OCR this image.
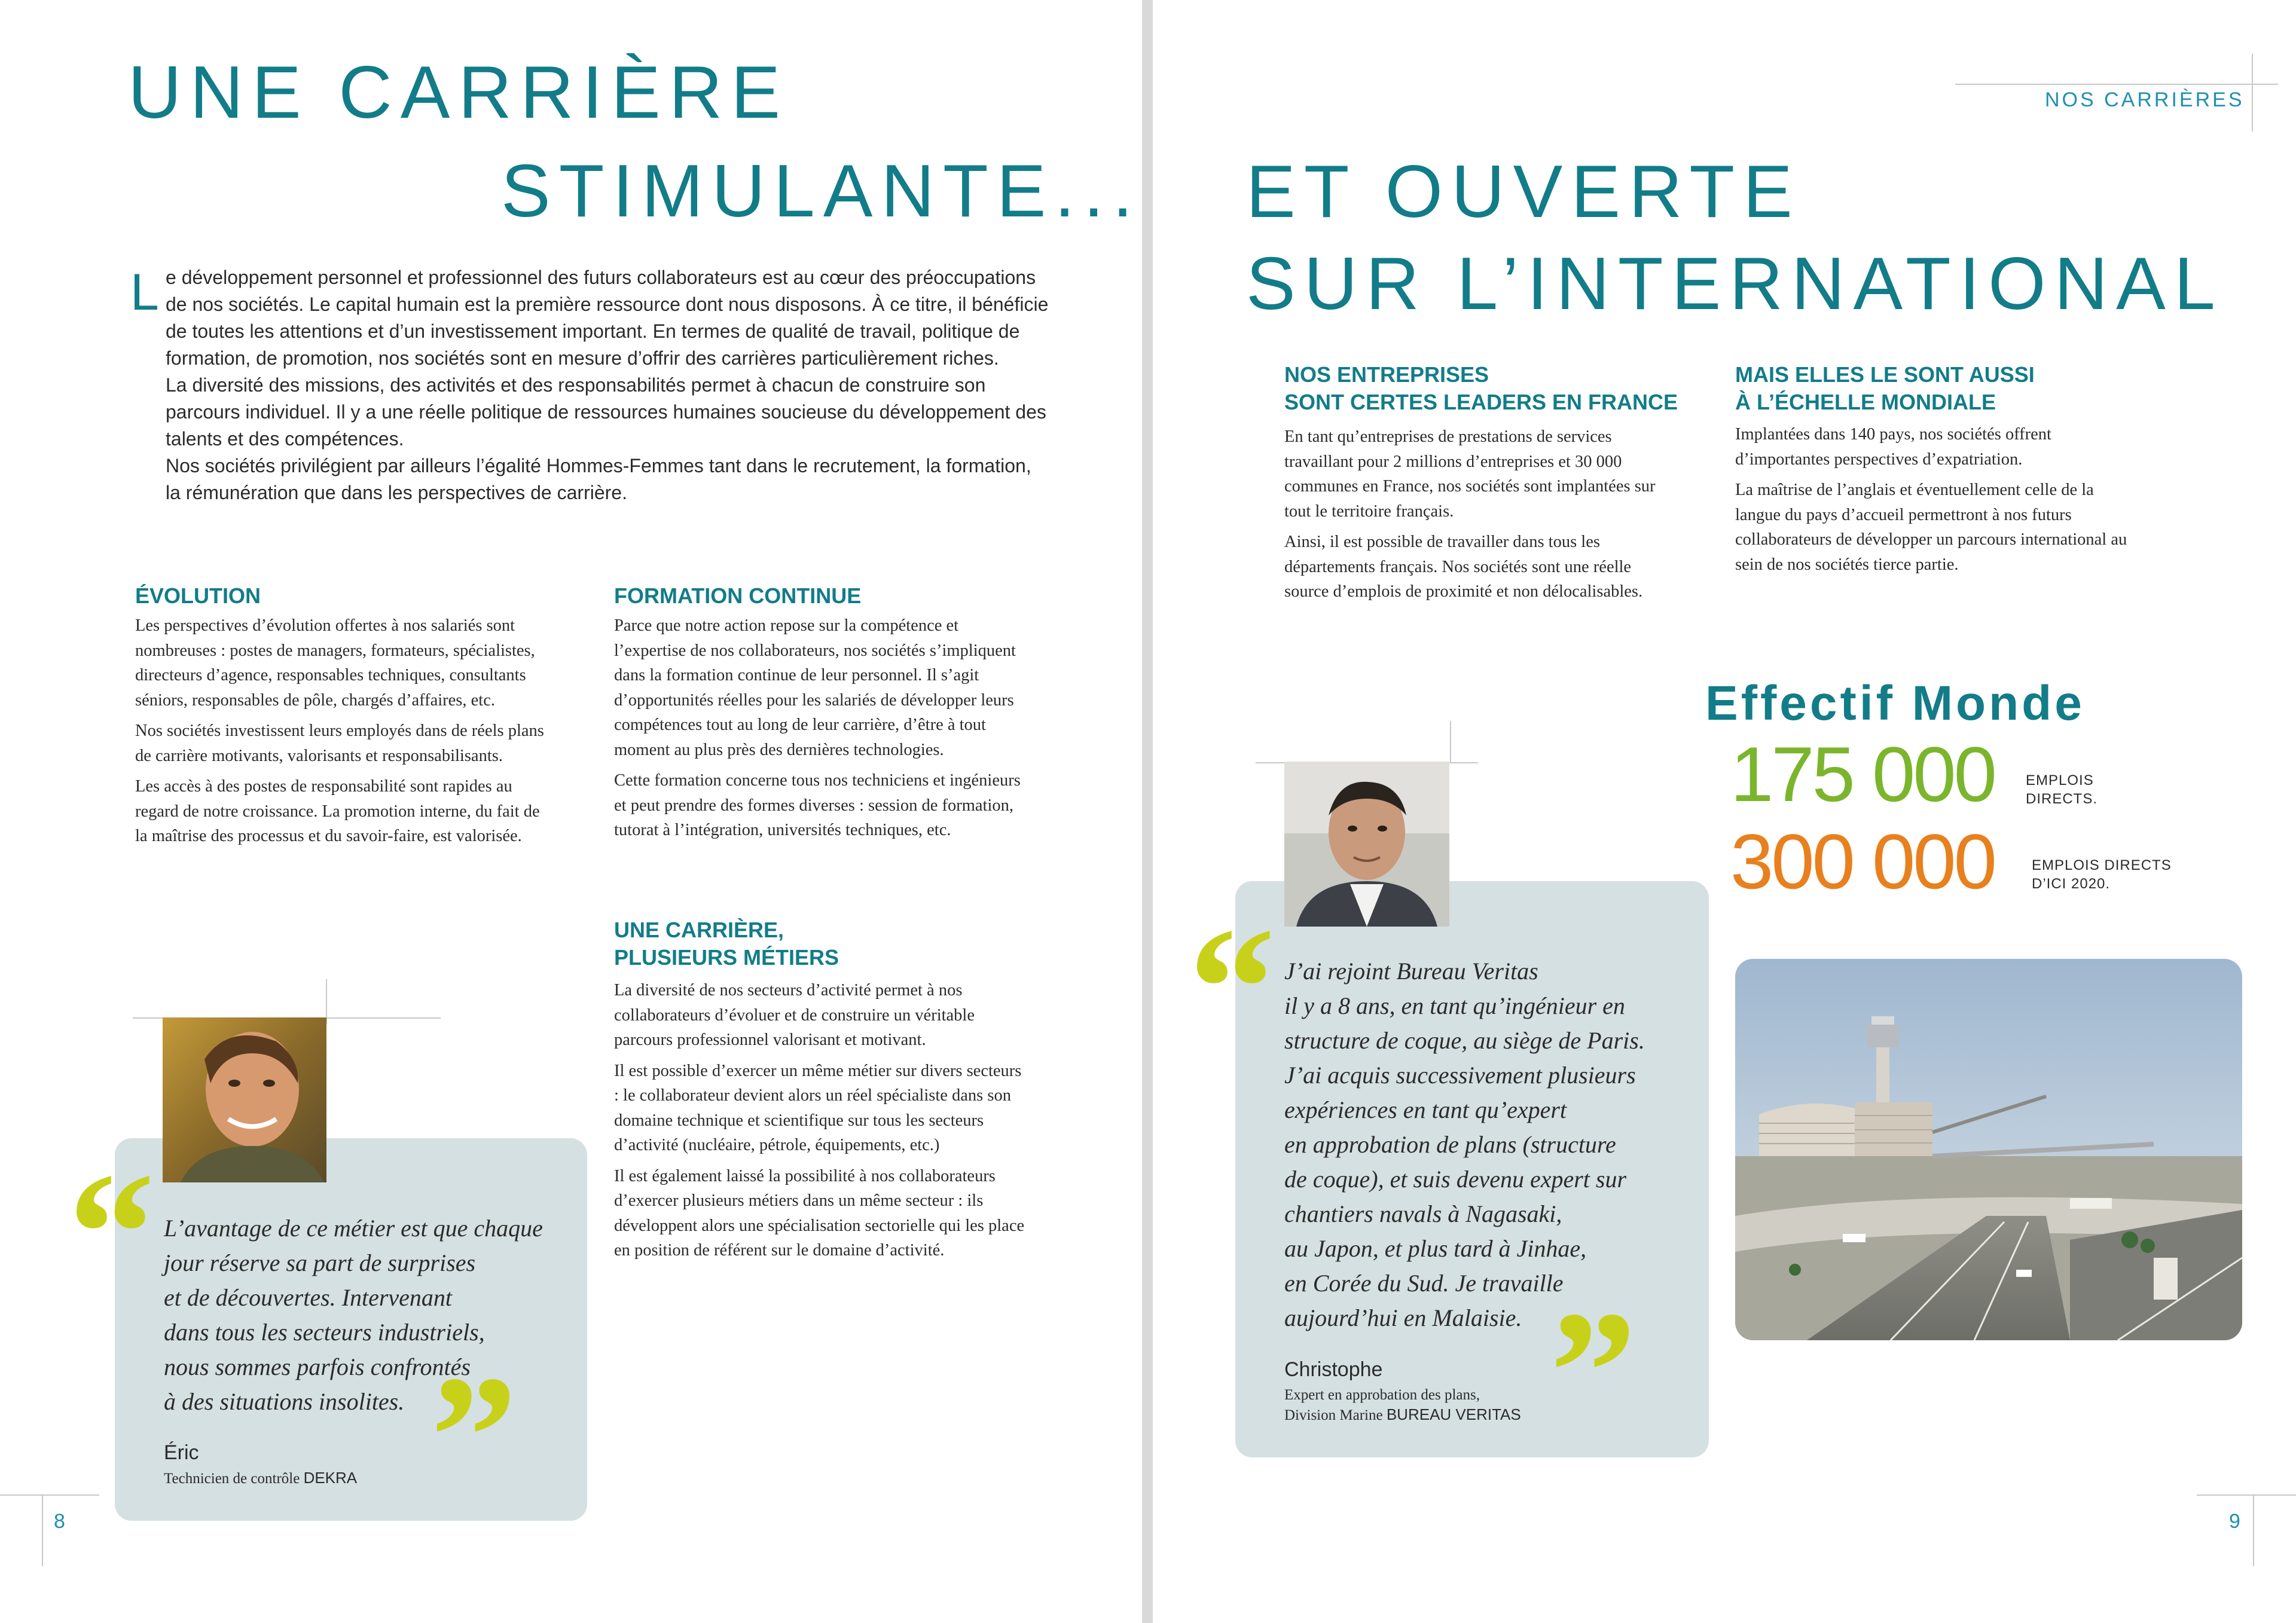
UNE CARRIÈRE
STIMULANTE...
L e développement personnel et professionnel des futurs collaborateurs est au cœur des préoccupations de nos sociétés. Le capital humain est la première ressource dont nous disposons. À ce titre, il bénéficie de toutes les attentions et d’un investissement important. En termes de qualité de travail, politique de formation, de promotion, nos sociétés sont en mesure d’offrir des carrières particulièrement riches.

La diversité des missions, des activités et des responsabilités permet à chacun de construire son parcours individuel. Il y a une réelle politique de ressources humaines soucieuse du développement des talents et des compétences.

Nos sociétés privilégient par ailleurs l’égalité Hommes-Femmes tant dans le recrutement, la formation, la rémunération que dans les perspectives de carrière.

ÉVOLUTION

Les perspectives d’évolution offertes à nos salariés sont nombreuses : postes de managers, formateurs, spécialistes, directeurs d’agence, responsables techniques, consultants séniors, responsables de pôle, chargés d’affaires, etc.

Nos sociétés investissent leurs employés dans de réels plans de carrière motivants, valorisants et responsabilisants.

Les accès à des postes de responsabilité sont rapides au regard de notre croissance. La promotion interne, du fait de la maîtrise des processus et du savoir-faire, est valorisée.

FORMATION CONTINUE

Parce que notre action repose sur la compétence et l’expertise de nos collaborateurs, nos sociétés s’impliquent dans la formation continue de leur personnel. Il s’agit d’opportunités réelles pour les salariés de développer leurs compétences tout au long de leur carrière, d’être à tout moment au plus près des dernières technologies.

Cette formation concerne tous nos techniciens et ingénieurs et peut prendre des formes diverses : session de formation, tutorat à l’intégration, universités techniques, etc.

UNE CARRIÈRE,
PLUSIEURS MÉTIERS

La diversité de nos secteurs d’activité permet à nos collaborateurs d’évoluer et de construire un véritable parcours professionnel valorisant et motivant.

Il est possible d’exercer un même métier sur divers secteurs : le collaborateur devient alors un réel spécialiste dans son domaine technique et scientifique sur tous les secteurs d’activité (nucléaire, pétrole, équipements, etc.)

Il est également laissé la possibilité à nos collaborateurs d’exercer plusieurs métiers dans un même secteur : ils développent alors une spécialisation sectorielle qui les place en position de référent sur le domaine d’activité.

“ L’avantage de ce métier est que chaque

jour réserve sa part de surprises

et de découvertes. Intervenant

dans tous les secteurs industriels,

nous sommes parfois confrontés

à des situations insolites. ”
Éric
Technicien de contrôle DEKRA
8
NOS CARRIÈRES
ET OUVERTE
SUR L’INTERNATIONAL
NOS ENTREPRISES
SONT CERTES LEADERS EN FRANCE

En tant qu’entreprises de prestations de services travaillant pour 2 millions d’entreprises et 30 000 communes en France, nos sociétés sont implantées sur tout le territoire français.

Ainsi, il est possible de travailler dans tous les départements français. Nos sociétés sont une réelle source d’emplois de proximité et non délocalisables.

MAIS ELLES LE SONT AUSSI
À L’ÉCHELLE MONDIALE

Implantées dans 140 pays, nos sociétés offrent d’importantes perspectives d’expatriation.

La maîtrise de l’anglais et éventuellement celle de la langue du pays d’accueil permettront à nos futurs collaborateurs de développer un parcours international au sein de nos sociétés tierce partie.

Effectif Monde
175 000 EMPLOIS
DIRECTS.
300 000	EMPLOIS DIRECTS
D’ICI 2020.
“ J’ai rejoint Bureau Veritas

il y a 8 ans, en tant qu’ingénieur en

structure de coque, au siège de Paris.

J’ai acquis successivement plusieurs

expériences en tant qu’expert

en approbation de plans (structure

de coque), et suis devenu expert sur

chantiers navals à Nagasaki,

au Japon, et plus tard à Jinhae,

en Corée du Sud. Je travaille

aujourd’hui en Malaisie. ”
Christophe
Expert en approbation des plans,
Division Marine BUREAU VERITAS
9
